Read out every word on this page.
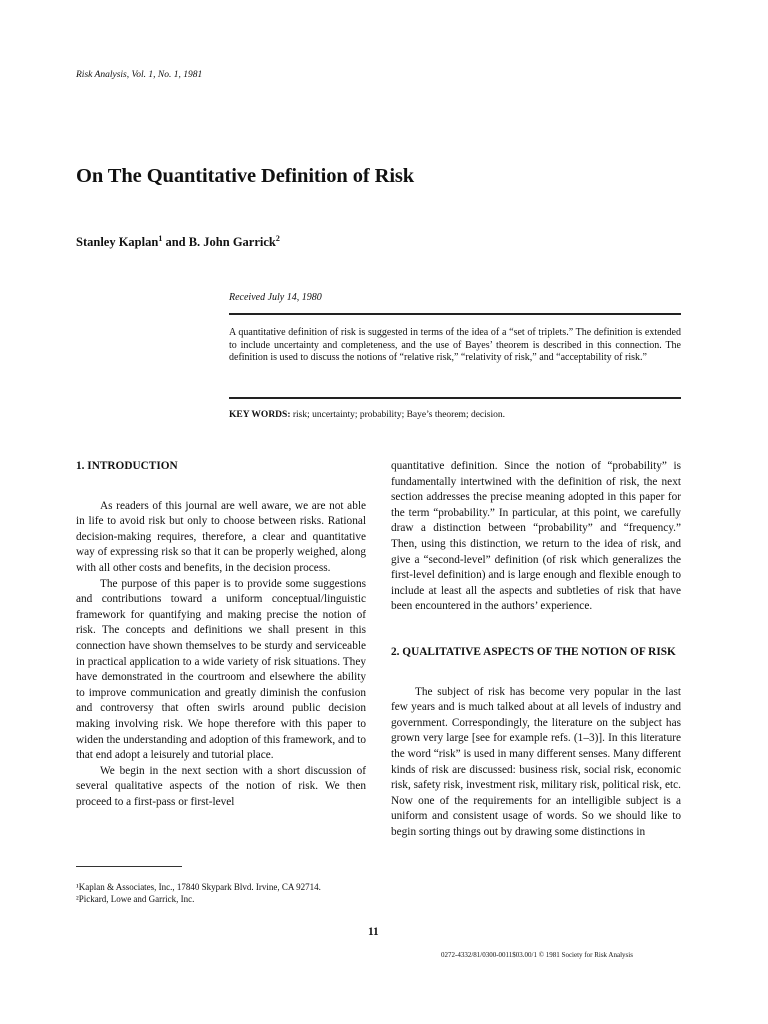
Risk Analysis, Vol. 1, No. 1, 1981
On The Quantitative Definition of Risk
Stanley Kaplan$^1$ and B. John Garrick$^2$
Received July 14, 1980

A quantitative definition of risk is suggested in terms of the idea of a “set of triplets.” The definition is extended to include uncertainty and completeness, and the use of Bayes’ theorem is described in this connection. The definition is used to discuss the notions of “relative risk,” “relativity of risk,” and “acceptability of risk.”

KEY WORDS: risk; uncertainty; probability; Baye’s theorem; decision.
1. INTRODUCTION

As readers of this journal are well aware, we are not able in life to avoid risk but only to choose between risks. Rational decision-making requires, therefore, a clear and quantitative way of expressing risk so that it can be properly weighed, along with all other costs and benefits, in the decision process.

The purpose of this paper is to provide some suggestions and contributions toward a uniform conceptual/linguistic framework for quantifying and making precise the notion of risk. The concepts and definitions we shall present in this connection have shown themselves to be sturdy and serviceable in practical application to a wide variety of risk situations. They have demonstrated in the courtroom and elsewhere the ability to improve communication and greatly diminish the confusion and controversy that often swirls around public decision making involving risk. We hope therefore with this paper to widen the understanding and adoption of this framework, and to that end adopt a leisurely and tutorial place.

We begin in the next section with a short discussion of several qualitative aspects of the notion of risk. We then proceed to a first-pass or first-level

quantitative definition. Since the notion of “probability” is fundamentally intertwined with the definition of risk, the next section addresses the precise meaning adopted in this paper for the term “probability.” In particular, at this point, we carefully draw a distinction between “probability” and “frequency.” Then, using this distinction, we return to the idea of risk, and give a “second-level” definition (of risk which generalizes the first-level definition) and is large enough and flexible enough to include at least all the aspects and subtleties of risk that have been encountered in the authors’ experience.

2. QUALITATIVE ASPECTS OF THE NOTION OF RISK

The subject of risk has become very popular in the last few years and is much talked about at all levels of industry and government. Correspondingly, the literature on the subject has grown very large [see for example refs. (1–3)]. In this literature the word “risk” is used in many different senses. Many different kinds of risk are discussed: business risk, social risk, economic risk, safety risk, investment risk, military risk, political risk, etc. Now one of the requirements for an intelligible subject is a uniform and consistent usage of words. So we should like to begin sorting things out by drawing some distinctions in

¹Kaplan & Associates, Inc., 17840 Skypark Blvd. Irvine, CA 92714.
²Pickard, Lowe and Garrick, Inc.
11
0272-4332/81/0300-0011$03.00/1 © 1981 Society for Risk Analysis
